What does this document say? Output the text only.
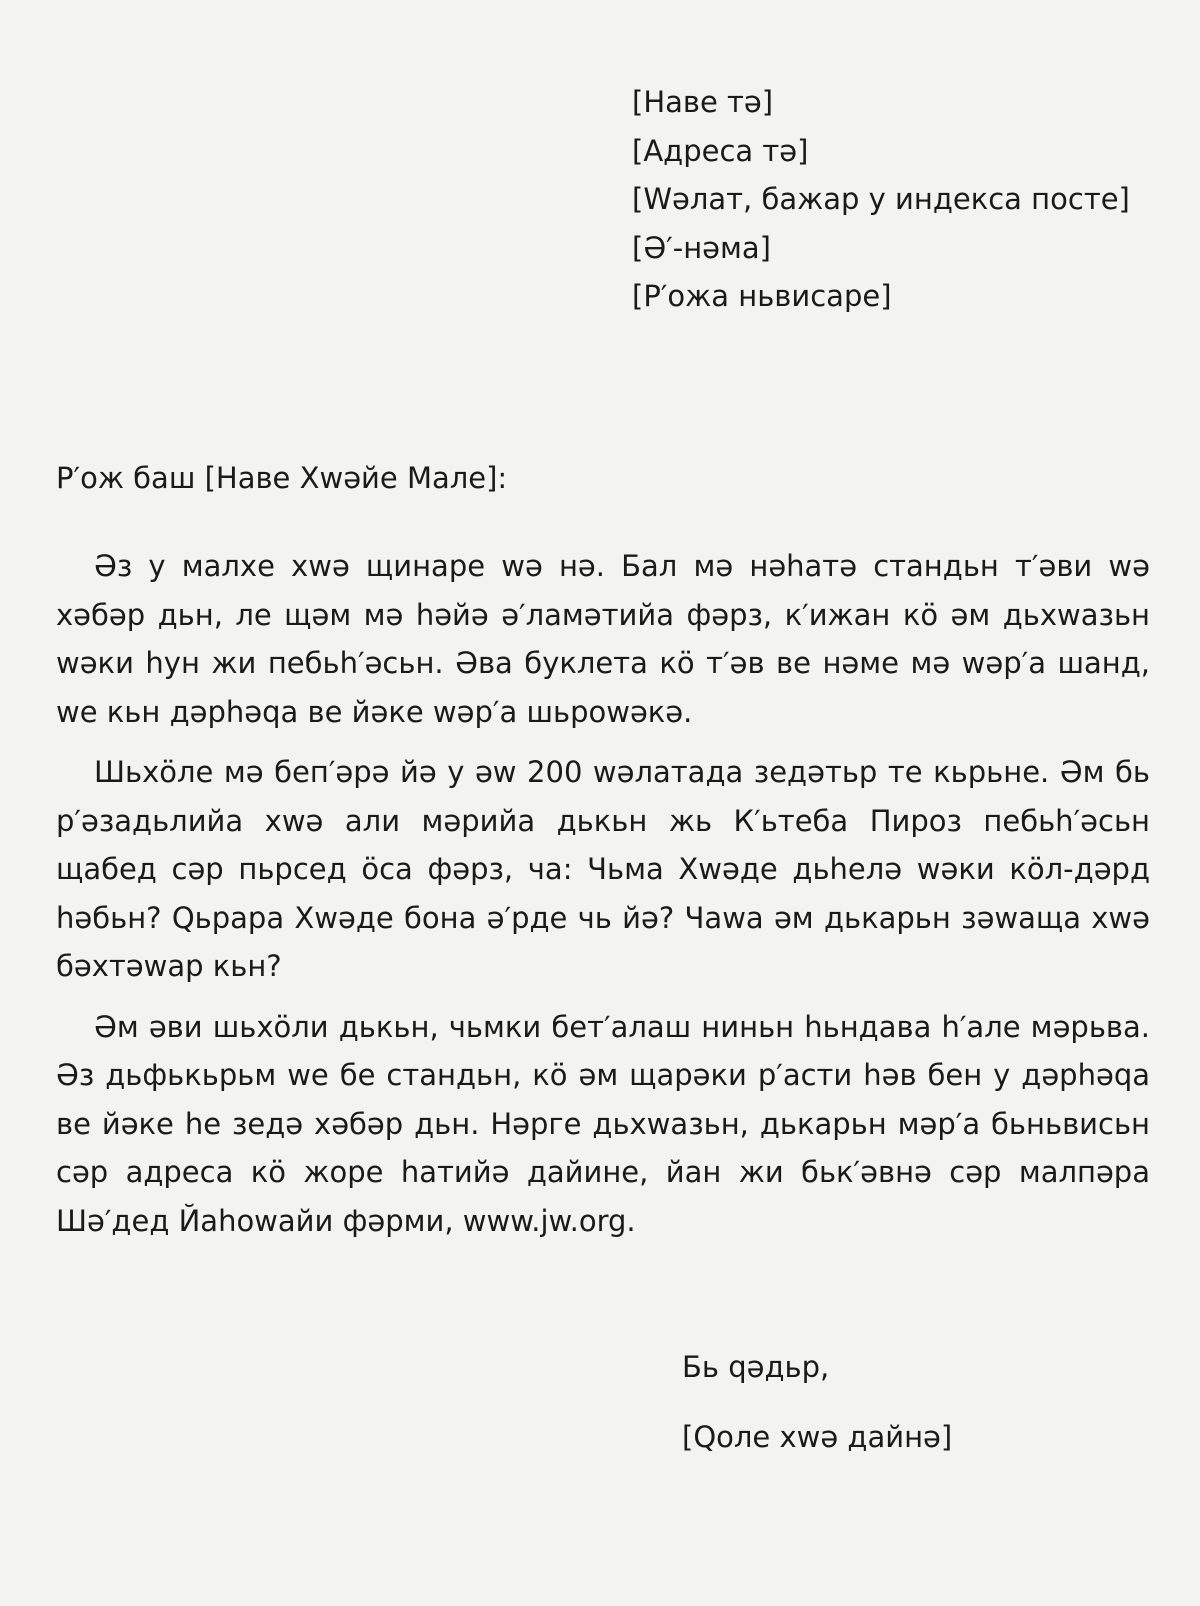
[Наве тә]
[Адреса тә]
[Wәлат, бажар у индекса посте]
[Ә′-нәма]
[Р′ожа ньвисаре]
Р′ож баш [Наве Хwәйе Мале]:

Әз у малхе хwә щинаре wә нә. Бал мә нәhатә стандьн т′әви wә хәбәр дьн, ле щәм мә hәйә ә′ламәтийа фәрз, к′ижан кӧ әм дьхwазьн wәки hун жи пебьh′әсьн. Әва буклета кӧ т′әв ве нәме мә wәр′а шанд, wе кьн дәрhәqа ве йәке wәр′а шьроwәкә.

Шьхӧле мә беп′әрә йә у әw 200 wәлатада зедәтьр те кьрьне. Әм бь р′әзадьлийа хwә али мәрийа дькьн жь К′ьтеба Пироз пебьh′әсьн щабед сәр пьрсед ӧса фәрз, ча: Чьма Хwәде дьhелә wәки кӧл-дәрд hәбьн? Qьрара Хwәде бона ә′рде чь йә? Чаwа әм дькарьн зәwаща хwә бәхтәwар кьн?

Әм әви шьхӧли дькьн, чьмки бет′алаш ниньн hьндава h′але мәрьва. Әз дьфькьрьм wе бе стандьн, кӧ әм щарәки р′асти hәв бен у дәрhәqа ве йәке hе зедә хәбәр дьн. Hәрге дьхwазьн, дькарьн мәр′а бьньвисьн сәр адреса кӧ жоре hатийә дайине, йан жи бьк′әвнә сәр малпәра Шә′дед Йаhowайи фәрми, www.jw.org.

Бь qәдьр,
[Qоле хwә дайнә]
